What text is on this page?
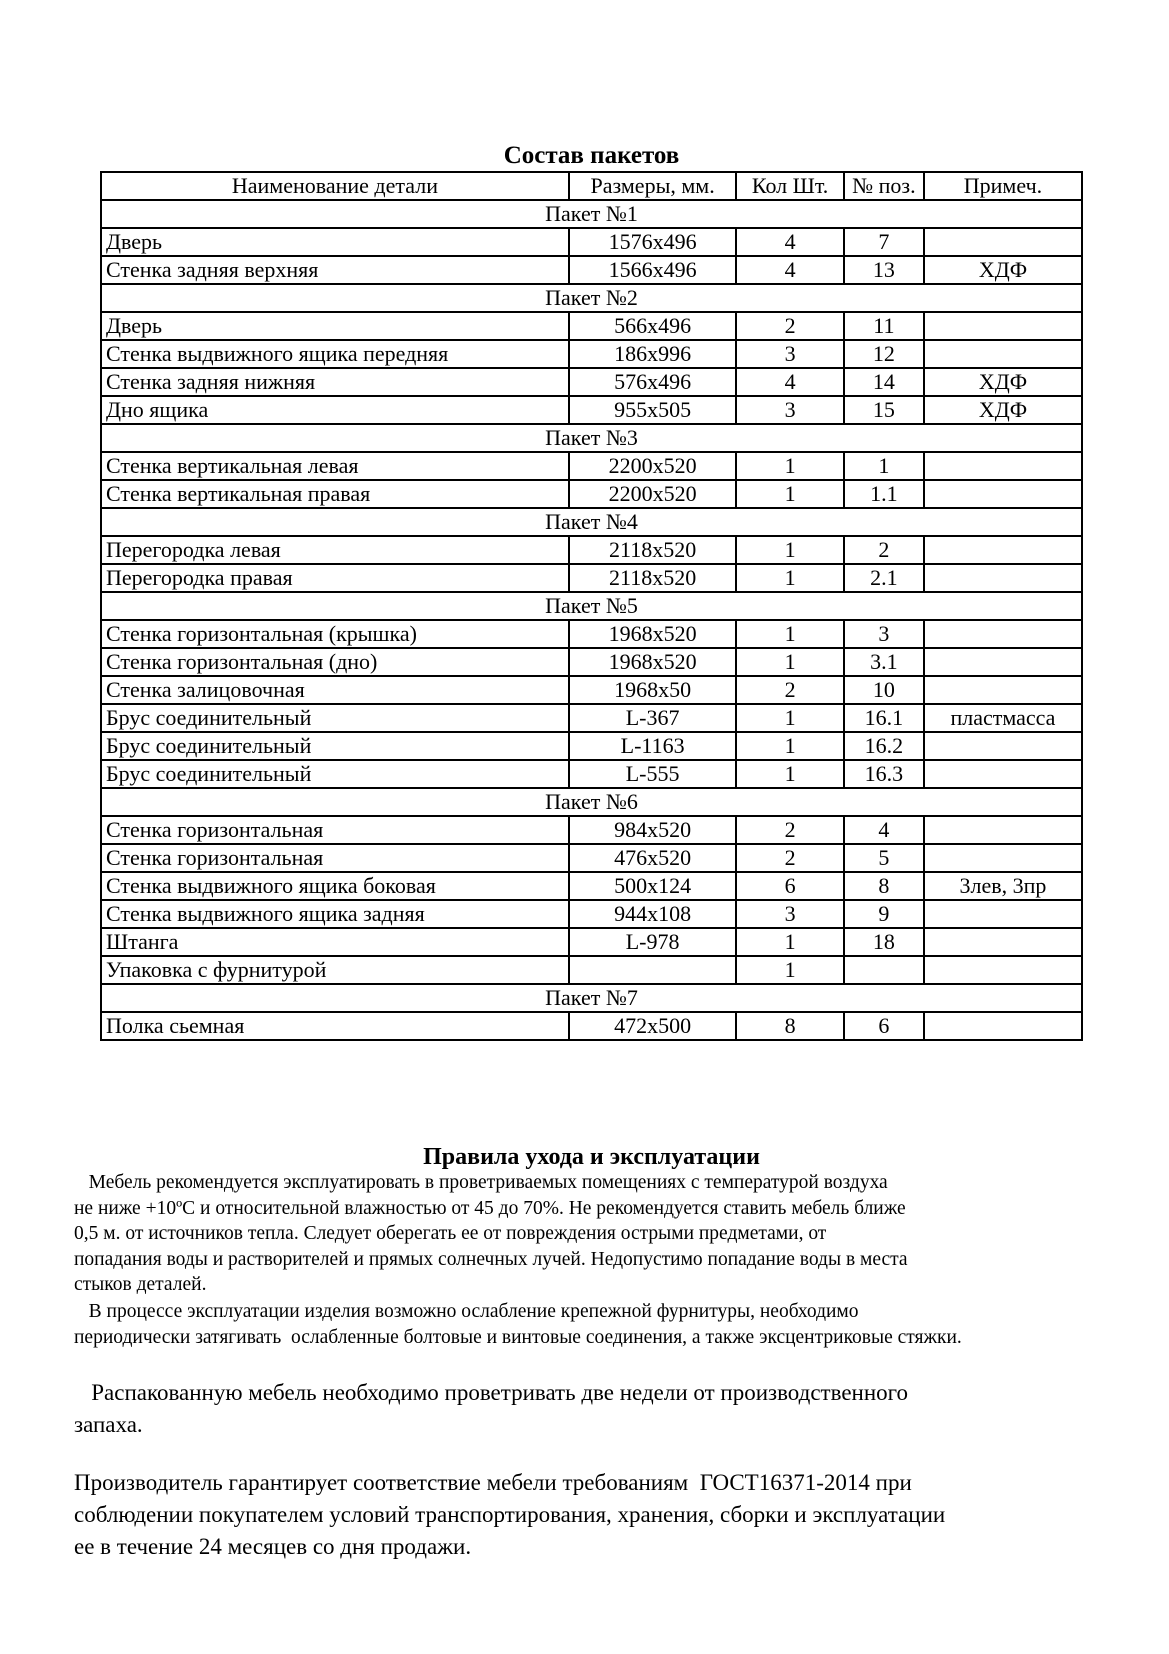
Состав пакетов
Наименование детали	Размеры, мм.	Кол Шт.	№ поз.	Примеч.
Пакет №1				
Дверь	1576х496	4	7	
Стенка задняя верхняя	1566х496	4	13	ХДФ
Пакет №2				
Дверь	566х496	2	11	
Стенка выдвижного ящика передняя	186х996	3	12	
Стенка задняя нижняя	576х496	4	14	ХДФ
Дно ящика	955х505	3	15	ХДФ
Пакет №3				
Стенка вертикальная левая	2200х520	1	1	
Стенка вертикальная правая	2200х520	1	1.1	
Пакет №4				
Перегородка левая	2118х520	1	2	
Перегородка правая	2118х520	1	2.1	
Пакет №5				
Стенка горизонтальная (крышка)	1968х520	1	3	
Стенка горизонтальная (дно)	1968х520	1	3.1	
Стенка залицовочная	1968х50	2	10	
Брус соединительный	L-367	1	16.1	пластмасса
Брус соединительный	L-1163	1	16.2	
Брус соединительный	L-555	1	16.3	
Пакет №6				
Стенка горизонтальная	984х520	2	4	
Стенка горизонтальная	476х520	2	5	
Стенка выдвижного ящика боковая	500х124	6	8	3лев, 3пр
Стенка выдвижного ящика задняя	944х108	3	9	
Штанга	L-978	1	18	
Упаковка с фурнитурой		1		
Пакет №7				
Полка сьемная	472х500	8	6	
Правила ухода и эксплуатации
Мебель рекомендуется эксплуатировать в проветриваемых помещениях с температурой воздуха
не ниже +10ºС и относительной влажностью от 45 до 70%. Не рекомендуется ставить мебель ближе
0,5 м. от источников тепла. Следует оберегать ее от повреждения острыми предметами, от
попадания воды и растворителей и прямых солнечных лучей. Недопустимо попадание воды в места
стыков деталей.
В процессе эксплуатации изделия возможно ослабление крепежной фурнитуры, необходимо
периодически затягивать  ослабленные болтовые и винтовые соединения, а также эксцентриковые стяжки.
Распакованную мебель необходимо проветривать две недели от производственного
запаха.
Производитель гарантирует соответствие мебели требованиям  ГОСТ16371-2014 при
соблюдении покупателем условий транспортирования, хранения, сборки и эксплуатации
ее в течение 24 месяцев со дня продажи.
